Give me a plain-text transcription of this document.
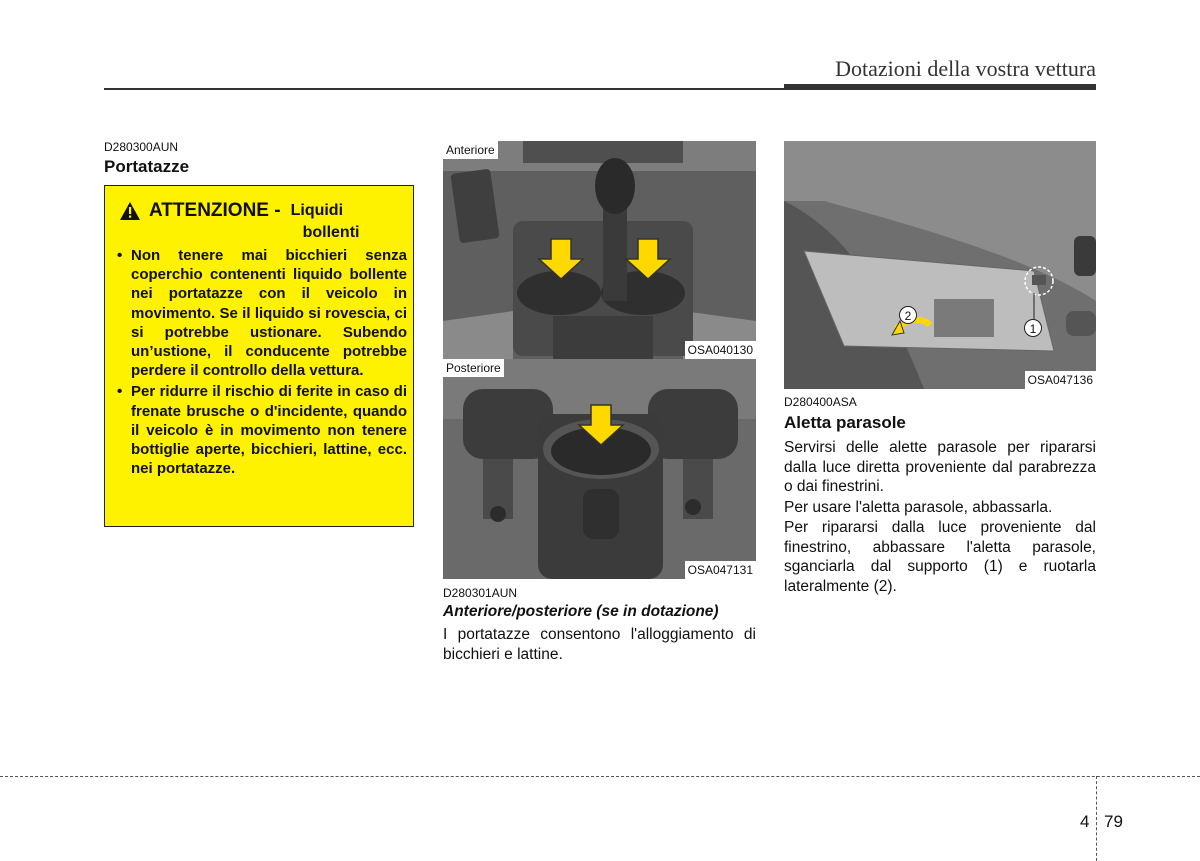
Dotazioni della vostra vettura
D280300AUN
Portatazze
ATTENZIONE - Liquidi
bollenti
• Non tenere mai bicchieri senza coperchio contenenti liquido bollente nei portatazze con il veicolo in movimento. Se il liquido si rovescia, ci si potrebbe ustionare. Subendo un’ustione, il conducente potrebbe perdere il controllo della vettura.
• Per ridurre il rischio di ferite in caso di frenate brusche o d'incidente, quando il veicolo è in movimento non tenere bottiglie aperte, bicchieri, lattine, ecc. nei portatazze.
Anteriore
OSA040130
Posteriore
OSA047131
D280301AUN
Anteriore/posteriore (se in dotazione)
I portatazze consentono l'alloggiamento di bicchieri e lattine.
2
1
OSA047136
D280400ASA
Aletta parasole

Servirsi delle alette parasole per ripararsi dalla luce diretta proveniente dal parabrezza o dai finestrini.

Per usare l'aletta parasole, abbassarla.

Per ripararsi dalla luce proveniente dal finestrino, abbassare l'aletta parasole, sganciarla dal supporto (1) e ruotarla lateralmente (2).

4 79
